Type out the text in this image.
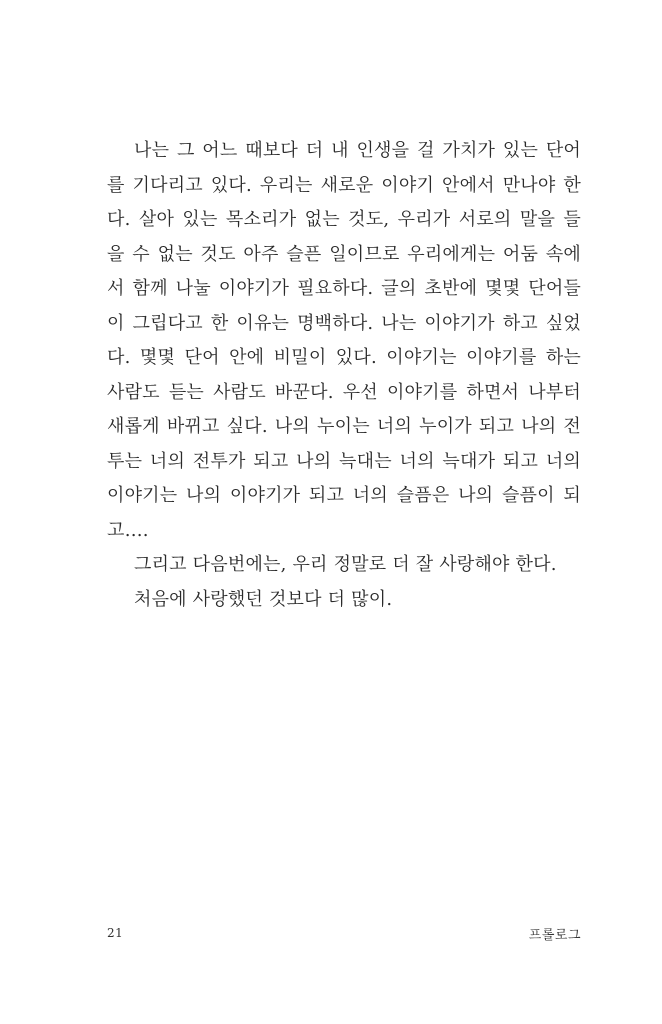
나는 그 어느 때보다 더 내 인생을 걸 가치가 있는 단어
를 기다리고 있다. 우리는 새로운 이야기 안에서 만나야 한
다. 살아 있는 목소리가 없는 것도, 우리가 서로의 말을 들
을 수 없는 것도 아주 슬픈 일이므로 우리에게는 어둠 속에
서 함께 나눌 이야기가 필요하다. 글의 초반에 몇몇 단어들
이 그립다고 한 이유는 명백하다. 나는 이야기가 하고 싶었
다. 몇몇 단어 안에 비밀이 있다. 이야기는 이야기를 하는
사람도 듣는 사람도 바꾼다. 우선 이야기를 하면서 나부터
새롭게 바뀌고 싶다. 나의 누이는 너의 누이가 되고 나의 전
투는 너의 전투가 되고 나의 늑대는 너의 늑대가 되고 너의
이야기는 나의 이야기가 되고 너의 슬픔은 나의 슬픔이 되
고….
그리고 다음번에는, 우리 정말로 더 잘 사랑해야 한다.
처음에 사랑했던 것보다 더 많이.
21	프롤로그
